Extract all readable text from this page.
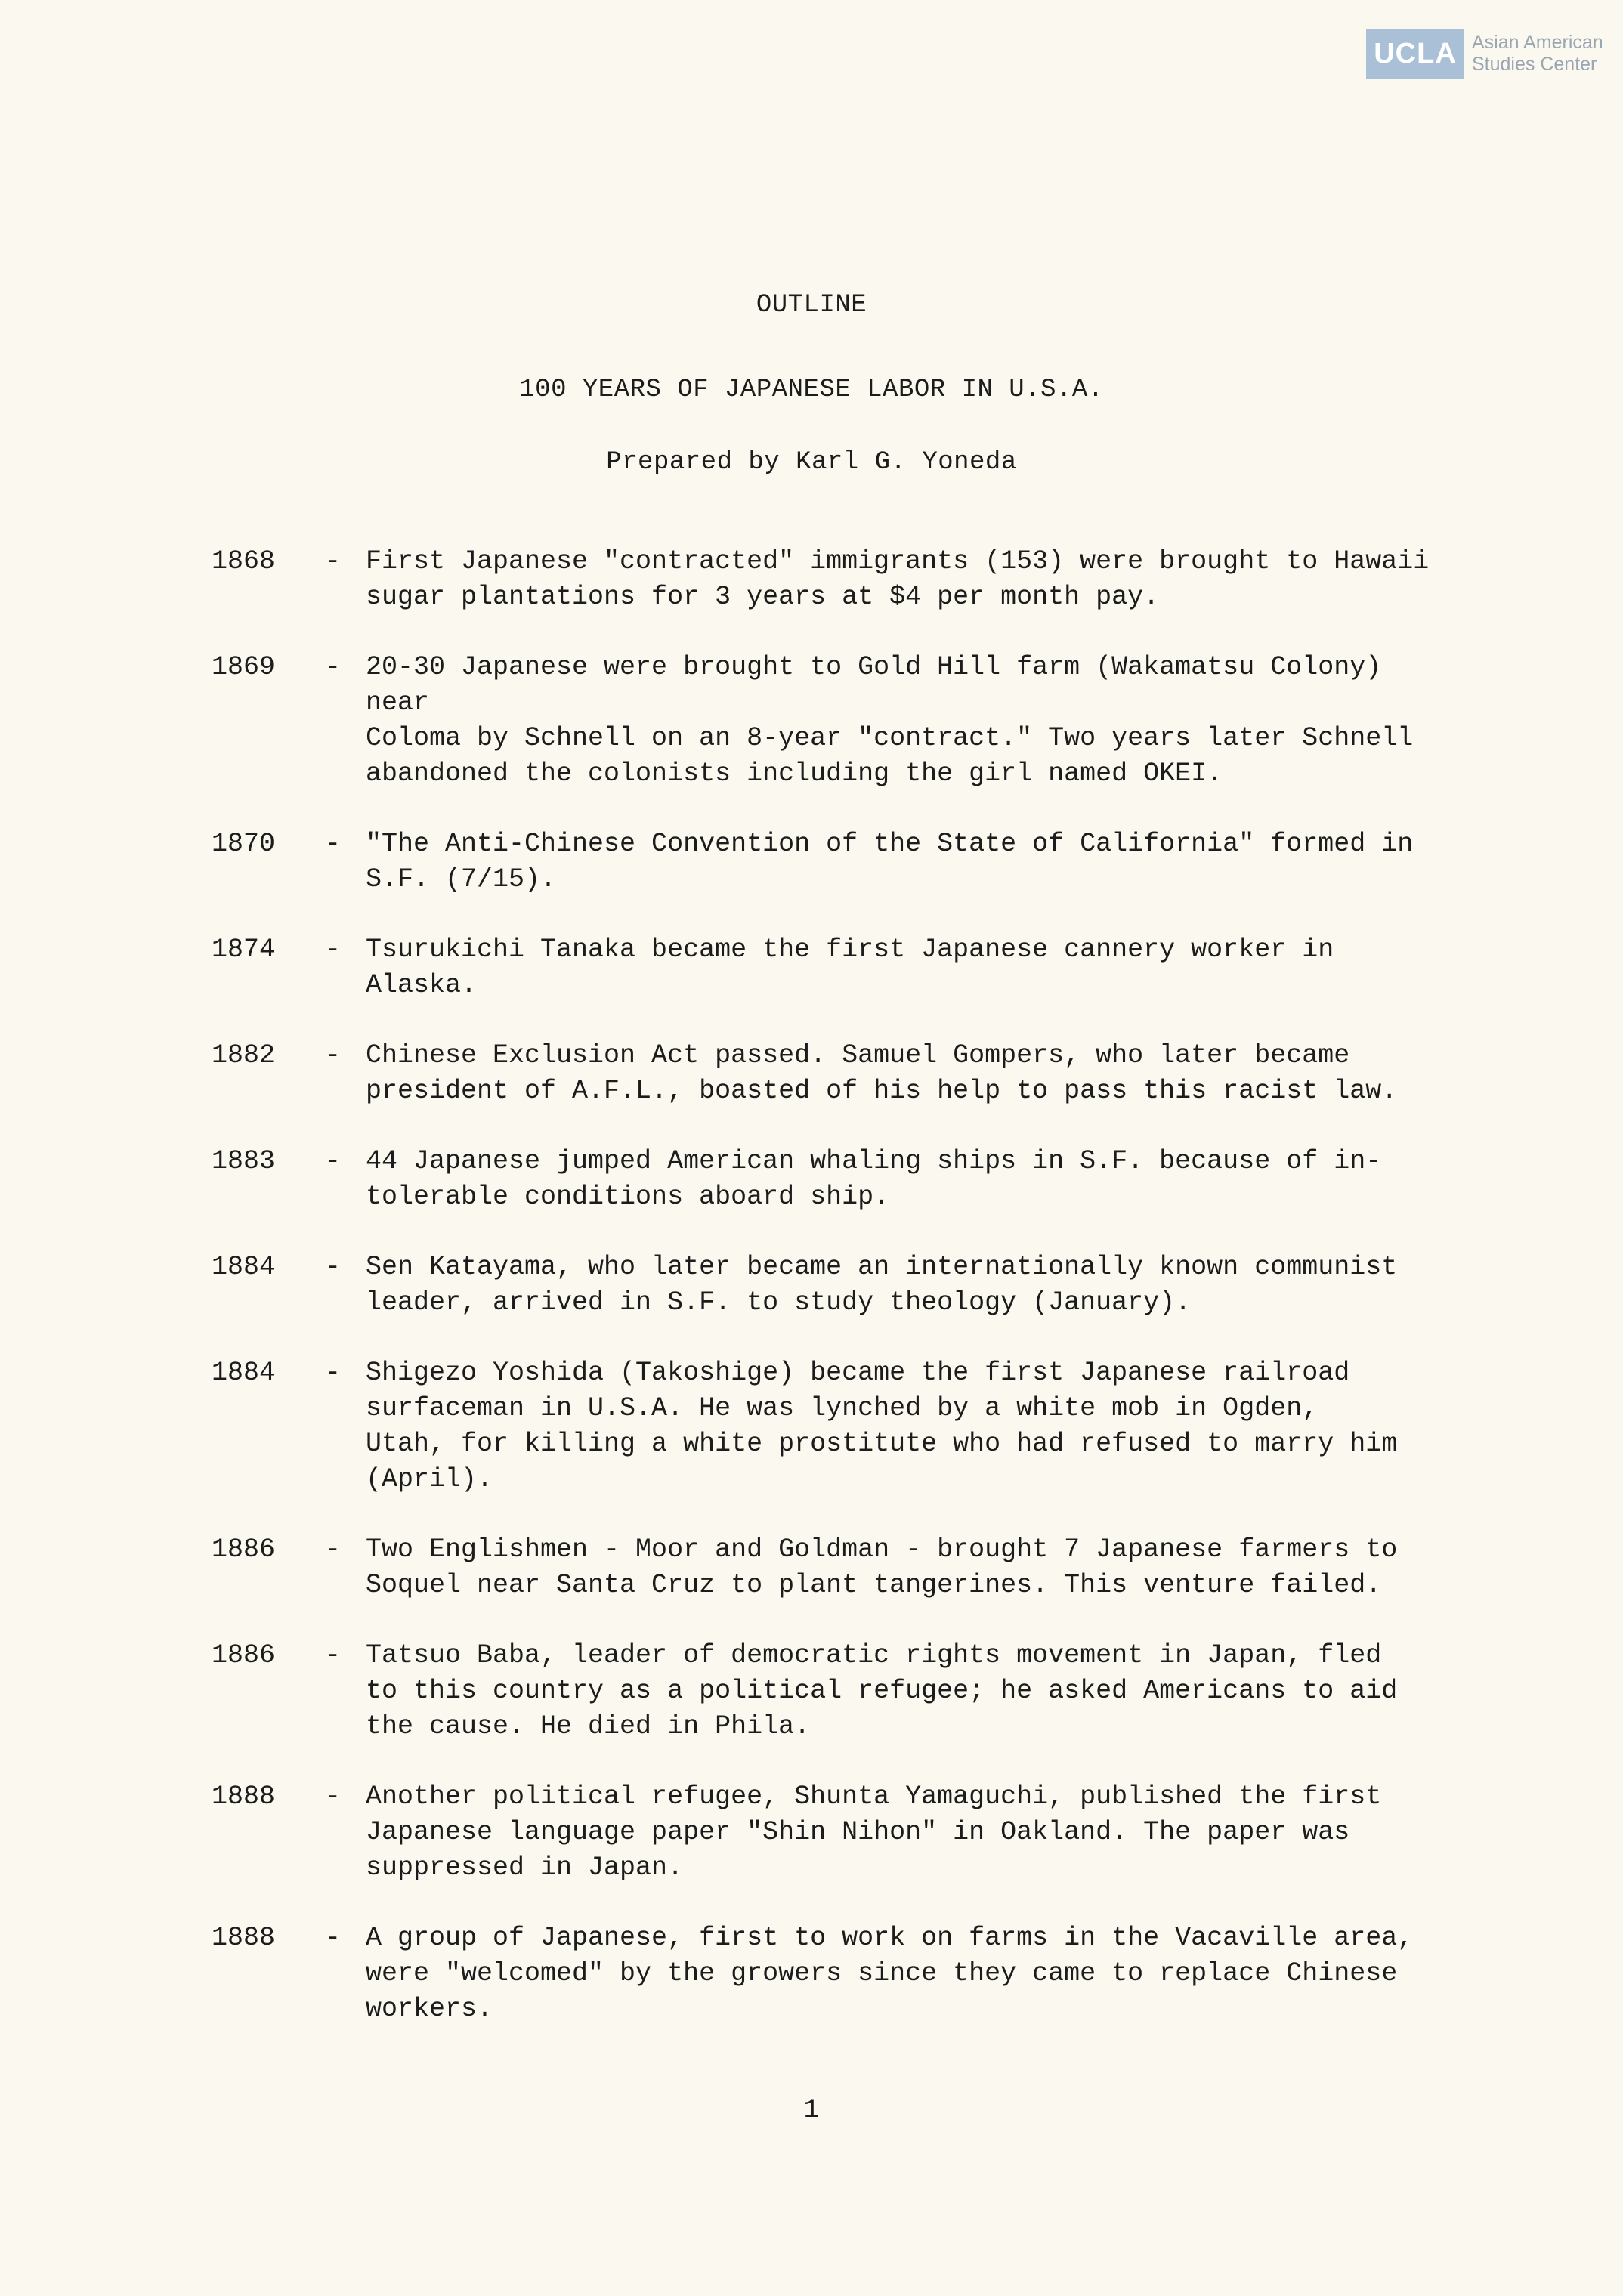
UCLA Asian American
Studies Center
OUTLINE
100 YEARS OF JAPANESE LABOR IN U.S.A.
Prepared by Karl G. Yoneda
1868	- First Japanese "contracted" immigrants (153) were brought to Hawaii
sugar plantations for 3 years at $4 per month pay.
1869	- 20-30 Japanese were brought to Gold Hill farm (Wakamatsu Colony) near
Coloma by Schnell on an 8-year "contract." Two years later Schnell
abandoned the colonists including the girl named OKEI.
1870	- "The Anti-Chinese Convention of the State of California" formed in
S.F. (7/15).
1874	- Tsurukichi Tanaka became the first Japanese cannery worker in
Alaska.
1882	- Chinese Exclusion Act passed. Samuel Gompers, who later became
president of A.F.L., boasted of his help to pass this racist law.
1883	- 44 Japanese jumped American whaling ships in S.F. because of in-
tolerable conditions aboard ship.
1884	- Sen Katayama, who later became an internationally known communist
leader, arrived in S.F. to study theology (January).
1884	- Shigezo Yoshida (Takoshige) became the first Japanese railroad
surfaceman in U.S.A. He was lynched by a white mob in Ogden,
Utah, for killing a white prostitute who had refused to marry him
(April).
1886	- Two Englishmen - Moor and Goldman - brought 7 Japanese farmers to
Soquel near Santa Cruz to plant tangerines. This venture failed.
1886	- Tatsuo Baba, leader of democratic rights movement in Japan, fled
to this country as a political refugee; he asked Americans to aid
the cause. He died in Phila.
1888	- Another political refugee, Shunta Yamaguchi, published the first
Japanese language paper "Shin Nihon" in Oakland. The paper was
suppressed in Japan.
1888	- A group of Japanese, first to work on farms in the Vacaville area,
were "welcomed" by the growers since they came to replace Chinese
workers.
1
